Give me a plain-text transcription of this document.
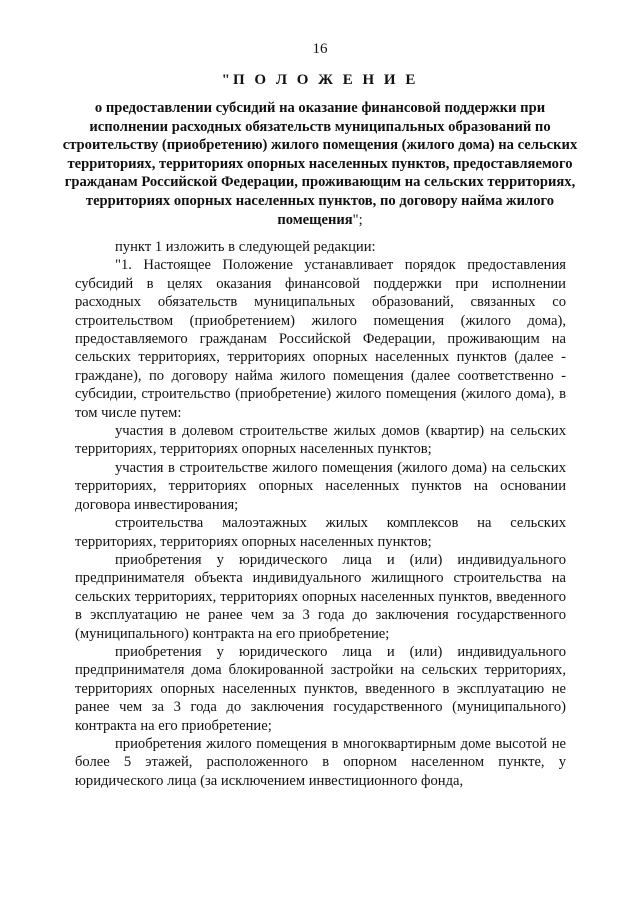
16
"П О Л О Ж Е Н И Е
о предоставлении субсидий на оказание финансовой поддержки при исполнении расходных обязательств муниципальных образований по строительству (приобретению) жилого помещения (жилого дома) на сельских территориях, территориях опорных населенных пунктов, предоставляемого гражданам Российской Федерации, проживающим на сельских территориях, территориях опорных населенных пунктов, по договору найма жилого помещения";

пункт 1 изложить в следующей редакции:

"1. Настоящее Положение устанавливает порядок предоставления субсидий в целях оказания финансовой поддержки при исполнении расходных обязательств муниципальных образований, связанных со строительством (приобретением) жилого помещения (жилого дома), предоставляемого гражданам Российской Федерации, проживающим на сельских территориях, территориях опорных населенных пунктов (далее - граждане), по договору найма жилого помещения (далее соответственно - субсидии, строительство (приобретение) жилого помещения (жилого дома), в том числе путем:

участия в долевом строительстве жилых домов (квартир) на сельских территориях, территориях опорных населенных пунктов;

участия в строительстве жилого помещения (жилого дома) на сельских территориях, территориях опорных населенных пунктов на основании договора инвестирования;

строительства малоэтажных жилых комплексов на сельских территориях, территориях опорных населенных пунктов;

приобретения у юридического лица и (или) индивидуального предпринимателя объекта индивидуального жилищного строительства на сельских территориях, территориях опорных населенных пунктов, введенного в эксплуатацию не ранее чем за 3 года до заключения государственного (муниципального) контракта на его приобретение;

приобретения у юридического лица и (или) индивидуального предпринимателя дома блокированной застройки на сельских территориях, территориях опорных населенных пунктов, введенного в эксплуатацию не ранее чем за 3 года до заключения государственного (муниципального) контракта на его приобретение;

приобретения жилого помещения в многоквартирным доме высотой не более 5 этажей, расположенного в опорном населенном пункте, у юридического лица (за исключением инвестиционного фонда,
